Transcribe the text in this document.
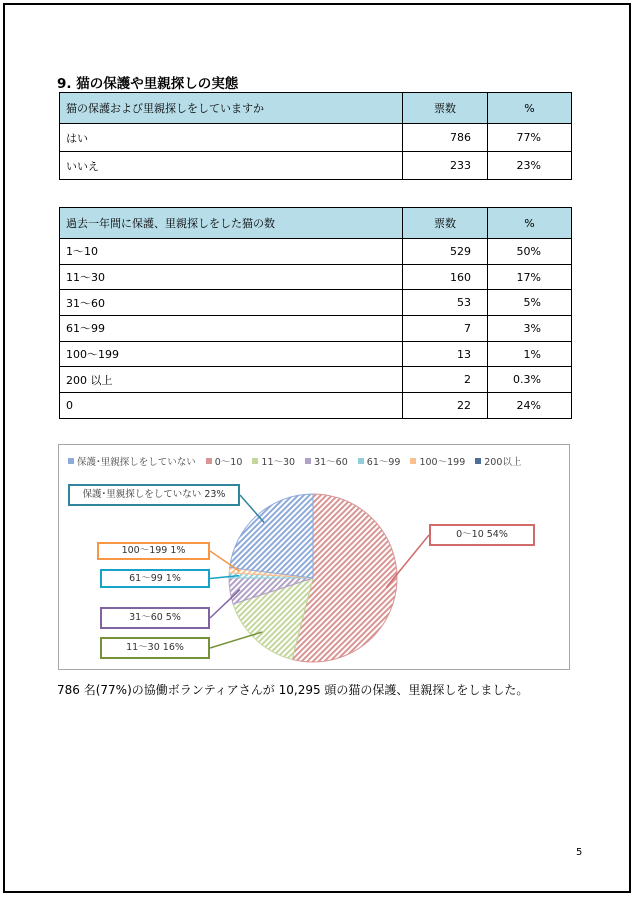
9. 猫の保護や里親探しの実態
猫の保護および里親探しをしていますか	票数	%
はい	786	77%
いいえ	233	23%
過去一年間に保護、里親探しをした猫の数	票数	%
1～10	529	50%
11～30	160	17%
31～60	53	5%
61～99	7	3%
100～199	13	1%
200 以上	2	0.3%
0	22	24%
保護･里親探しをしていない 0～10 11～30 31～60 61～99 100～199 200以上
保護･里親探しをしていない 23%
0～10 54%
100～199 1%
61～99 1%
31～60 5%
11～30 16%
786 名(77%)の協働ボランティアさんが 10,295 頭の猫の保護、里親探しをしました。
5
